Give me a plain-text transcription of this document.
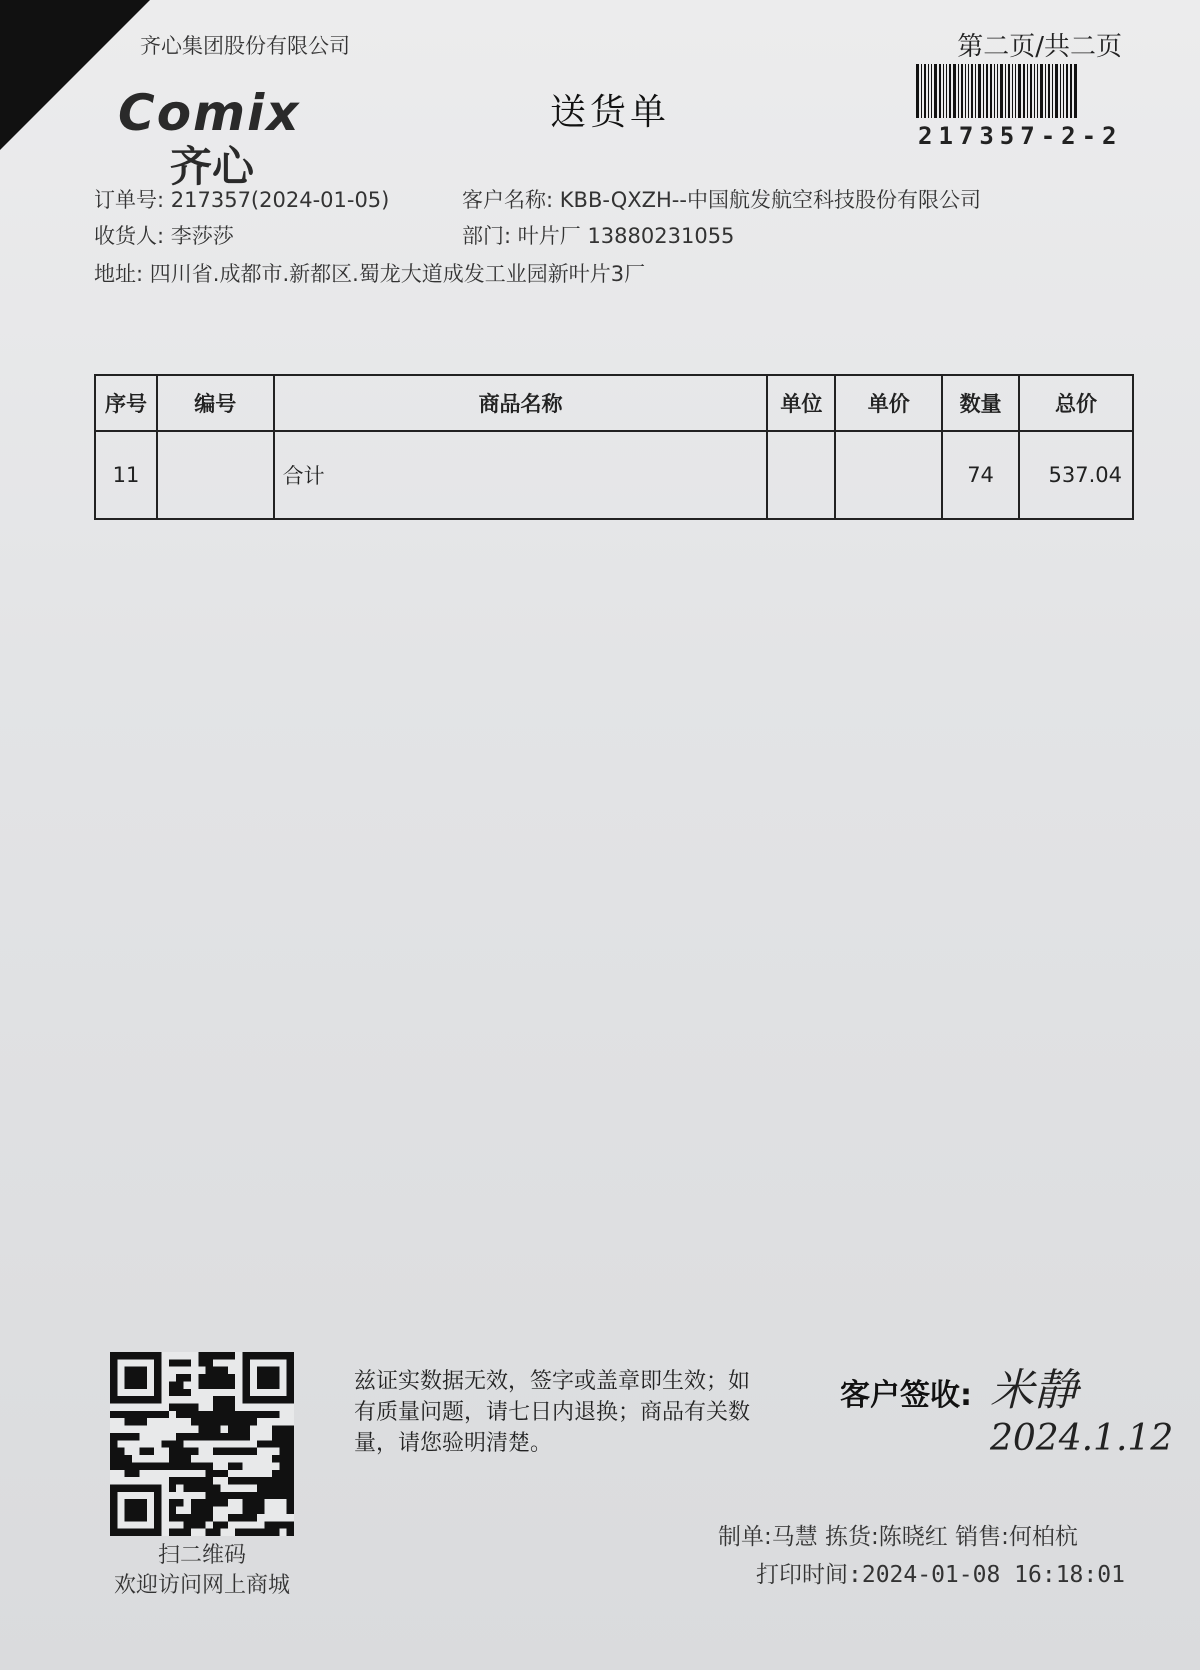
齐心集团股份有限公司	第二页/共二页
217357-2-2
Comix
齐心
送货单
订单号: 217357(2024-01-05)	客户名称: KBB-QXZH--中国航发航空科技股份有限公司
收货人: 李莎莎	部门: 叶片厂 13880231055
地址: 四川省.成都市.新都区.蜀龙大道成发工业园新叶片3厂
序号	编号	商品名称	单位	单价	数量	总价
11		合计			74	537.04
扫二维码
欢迎访问网上商城
兹证实数据无效，签字或盖章即生效；如有质量问题，请七日内退换；商品有关数量，请您验明清楚。
客户签收: 米静
2024.1.12
制单:马慧 拣货:陈晓红 销售:何柏杭
打印时间:2024-01-08 16:18:01
